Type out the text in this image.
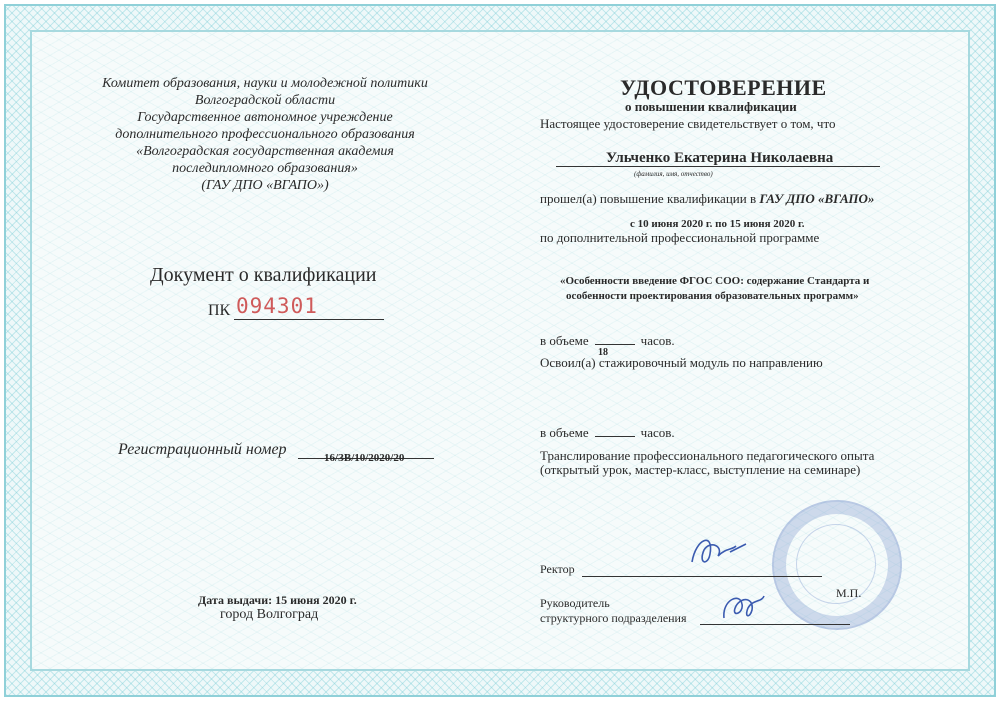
Комитет образования, науки и молодежной политики
Волгоградской области
Государственное автономное учреждение
дополнительного профессионального образования
«Волгоградская государственная академия
последипломного образования»
(ГАУ ДПО «ВГАПО»)
Документ о квалификации
ПК 094301
Регистрационный номер	16/ЗВ/10/2020/20
Дата выдачи: 15 июня 2020 г.
город Волгоград
УДОСТОВЕРЕНИЕ
о повышении квалификации
Настоящее удостоверение свидетельствует о том, что
Ульченко Екатерина Николаевна
(фамилия, имя, отчество)
прошел(а) повышение квалификации в ГАУ ДПО «ВГАПО»
с 10 июня 2020 г. по 15 июня 2020 г.
по дополнительной профессиональной программе
«Особенности введение ФГОС СОО: содержание Стандарта и
особенности проектирования образовательных программ»
в объеме	часов.
18
Освоил(а) стажировочный модуль по направлению
в объеме	часов.
Транслирование профессионального педагогического опыта
(открытый урок, мастер-класс, выступление на семинаре)
Ректор
М.П.
Руководитель
структурного подразделения
